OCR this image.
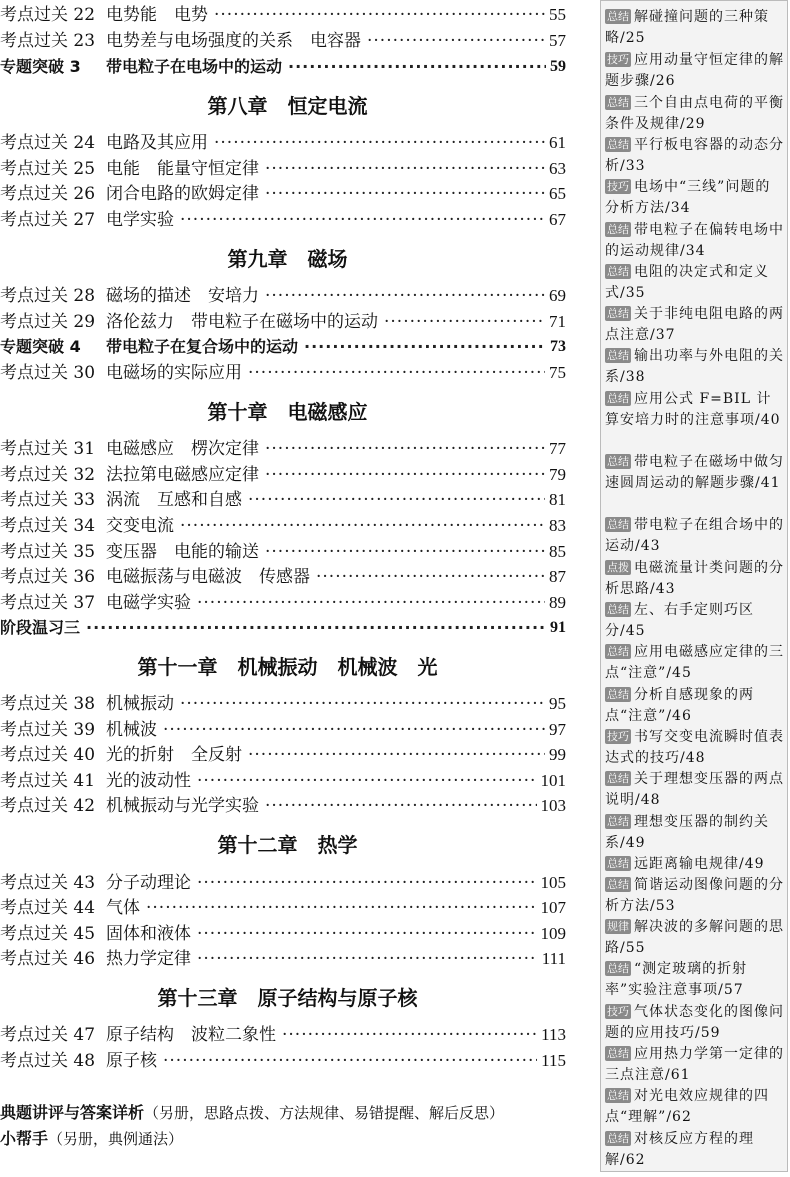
考点过关 22 电势能　电势 ·····	55
考点过关 23 电势差与电场强度的关系　电容器 ·····	57
专题突破 3	带电粒子在电场中的运动 ·····	59
第八章　恒定电流
考点过关 24 电路及其应用 ·····	61
考点过关 25 电能　能量守恒定律 ·····	63
考点过关 26 闭合电路的欧姆定律 ·····	65
考点过关 27 电学实验 ·····	67
第九章　磁场
考点过关 28 磁场的描述　安培力 ·····	69
考点过关 29 洛伦兹力　带电粒子在磁场中的运动 ·····	71
专题突破 4	带电粒子在复合场中的运动 ·····	73
考点过关 30 电磁场的实际应用 ·····	75
第十章　电磁感应
考点过关 31 电磁感应　楞次定律 ·····	77
考点过关 32 法拉第电磁感应定律 ·····	79
考点过关 33 涡流　互感和自感 ·····	81
考点过关 34 交变电流 ·····	83
考点过关 35 变压器　电能的输送 ·····	85
考点过关 36 电磁振荡与电磁波　传感器 ·····	87
考点过关 37 电磁学实验 ·····	89
阶段温习三 ·····	91
第十一章　机械振动　机械波　光
考点过关 38 机械振动 ·····	95
考点过关 39 机械波 ·····	97
考点过关 40 光的折射　全反射 ·····	99
考点过关 41 光的波动性 ·····	101
考点过关 42 机械振动与光学实验 ·····	103
第十二章　热学
考点过关 43 分子动理论 ·····	105
考点过关 44 气体 ·····	107
考点过关 45 固体和液体 ·····	109
考点过关 46 热力学定律 ·····	111
第十三章　原子结构与原子核
考点过关 47 原子结构　波粒二象性 ·····	113
考点过关 48 原子核 ·····	115
总结 解碰撞问题的三种策略/25
技巧 应用动量守恒定律的解题步骤/26
总结 三个自由点电荷的平衡条件及规律/29
总结 平行板电容器的动态分析/33
技巧 电场中“三线”问题的分析方法/34
总结 带电粒子在偏转电场中的运动规律/34
总结 电阻的决定式和定义式/35
总结 关于非纯电阻电路的两点注意/37
总结 输出功率与外电阻的关系/38
总结 应用公式 F=BIL 计算安培力时的注意事项/40
总结 带电粒子在磁场中做匀速圆周运动的解题步骤/41
总结 带电粒子在组合场中的运动/43
点拨 电磁流量计类问题的分析思路/43
总结 左、右手定则巧区分/45
总结 应用电磁感应定律的三点“注意”/45
总结 分析自感现象的两点“注意”/46
技巧 书写交变电流瞬时值表达式的技巧/48
总结 关于理想变压器的两点说明/48
总结 理想变压器的制约关系/49
总结 远距离输电规律/49
总结 简谐运动图像问题的分析方法/53
规律 解决波的多解问题的思路/55
总结 “测定玻璃的折射率”实验注意事项/57
技巧 气体状态变化的图像问题的应用技巧/59
总结 应用热力学第一定律的三点注意/61
总结 对光电效应规律的四点“理解”/62
总结 对核反应方程的理解/62
典题讲评与答案详析（另册，思路点拨、方法规律、易错提醒、解后反思）
小帮手（另册，典例通法）
